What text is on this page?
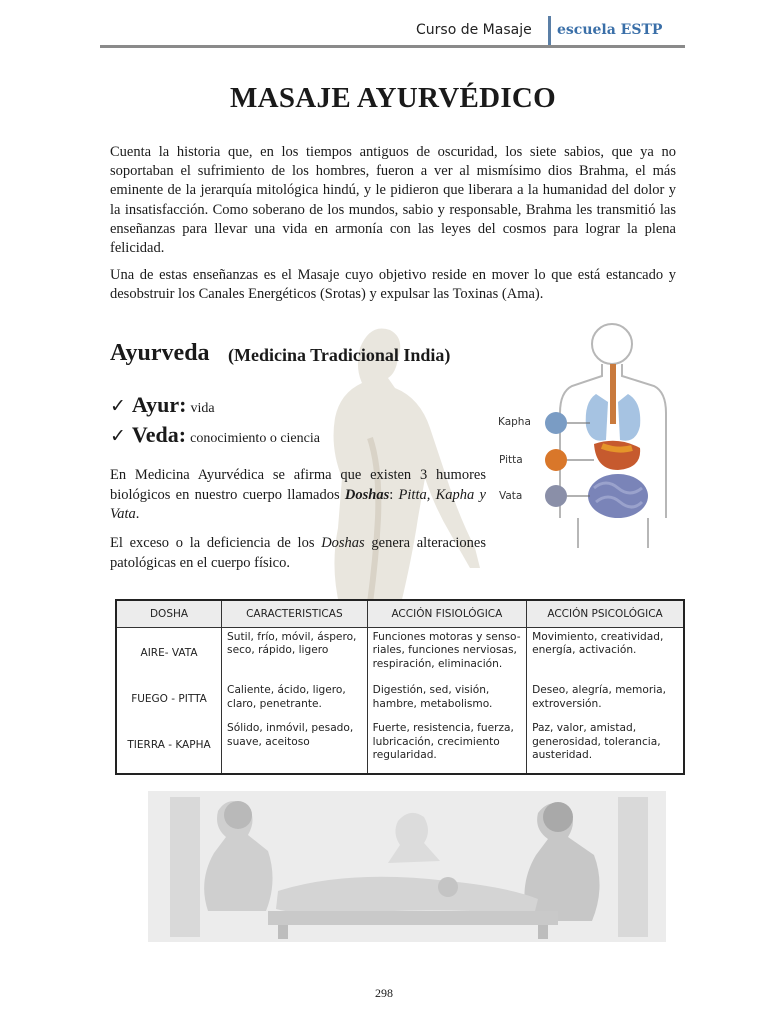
Curso de Masaje escuela ESTP
MASAJE AYURVÉDICO

Cuenta la historia que, en los tiempos antiguos de oscuridad, los siete sabios, que ya no soportaban el sufrimiento de los hombres, fueron a ver al mismísimo dios Brahma, el más eminente de la jerarquía mitológica hindú, y le pidieron que liberara a la humanidad del dolor y la insatisfacción. Como soberano de los mundos, sabio y responsable, Brahma les transmitió las enseñanzas para llevar una vida en armonía con las leyes del cosmos para lograr la plena felicidad.

Una de estas enseñanzas es el Masaje cuyo objetivo reside en mover lo que está estancado y desobstruir los Canales Energéticos (Srotas) y expulsar las Toxinas (Ama).

Ayurveda (Medicina Tradicional India)
✓ Ayur: vida
✓ Veda: conocimiento o ciencia

En Medicina Ayurvédica se afirma que existen 3 humores biológicos en nuestro cuerpo llamados Doshas: Pitta, Kapha y Vata.

El exceso o la deficiencia de los Doshas genera alteraciones patológicas en el cuerpo físico.

Kapha
Pitta
Vata
DOSHA	CARACTERISTICAS	ACCIÓN FISIOLÓGICA	ACCIÓN PSICOLÓGICA
AIRE- VATA	Sutil, frío, móvil, áspero, seco, rápido, ligero	Funciones motoras y senso-riales, funciones nerviosas, respiración, eliminación.	Movimiento, creatividad, energía, activación.
FUEGO - PITTA	Caliente, ácido, ligero, claro, penetrante.	Digestión, sed, visión, hambre, metabolismo.	Deseo, alegría, memoria, extroversión.
TIERRA - KAPHA	Sólido, inmóvil, pesado, suave, aceitoso	Fuerte, resistencia, fuerza, lubricación, crecimiento regularidad.	Paz, valor, amistad, generosidad, tolerancia, austeridad.
298
